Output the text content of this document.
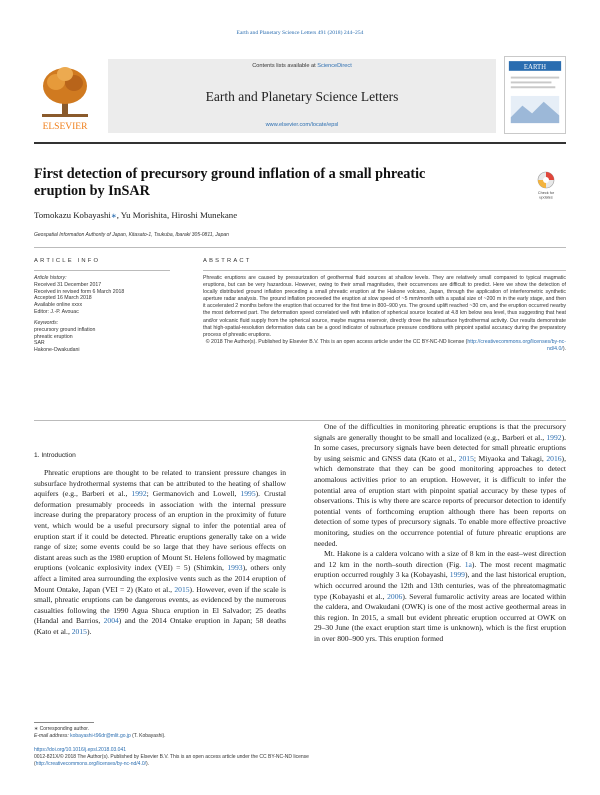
Earth and Planetary Science Letters 491 (2018) 244–254
ELSEVIER
Contents lists available at ScienceDirect
Earth and Planetary Science Letters
www.elsevier.com/locate/epsl
EARTH
First detection of precursory ground inflation of a small phreatic eruption by InSAR	Check for
updates
Tomokazu Kobayashi∗, Yu Morishita, Hiroshi Munekane
Geospatial Information Authority of Japan, Kitasato-1, Tsukuba, Ibaraki 305-0811, Japan
ARTICLE INFO	ABSTRACT
Article history:
Received 31 December 2017
Received in revised form 6 March 2018
Accepted 16 March 2018
Available online xxxx
Editor: J.-P. Avouac
Keywords:
precursory ground inflation
phreatic eruption
SAR
Hakone-Owakudani

Phreatic eruptions are caused by pressurization of geothermal fluid sources at shallow levels. They are relatively small compared to typical magmatic eruptions, but can be very hazardous. However, owing to their small magnitudes, their occurrences are difficult to predict. Here we show the detection of locally distributed ground inflation preceding a small phreatic eruption at the Hakone volcano, Japan, through the application of interferometric synthetic aperture radar analysis. The ground inflation proceeded the eruption at slow speed of ~5 mm/month with a spatial size of ~200 m in the early stage, and then it accelerated 2 months before the eruption that occurred for the first time in 800–900 yrs. The ground uplift reached ~30 cm, and the eruption occurred nearby the most deformed part. The deformation speed correlated well with inflation of spherical source located at 4.8 km below sea level, thus suggesting that heat and/or volcanic fluid supply from the spherical source, maybe magma reservoir, directly drove the subsurface hydrothermal activity. Our results demonstrate that high-spatial-resolution deformation data can be a good indicator of subsurface pressure conditions with pinpoint spatial accuracy during the preparatory process of phreatic eruptions.

© 2018 The Author(s). Published by Elsevier B.V. This is an open access article under the CC BY-NC-ND license (http://creativecommons.org/licenses/by-nc-nd/4.0/).

1. Introduction

Phreatic eruptions are thought to be related to transient pressure changes in subsurface hydrothermal systems that can be attributed to the heating of shallow aquifers (e.g., Barberi et al., 1992; Germanovich and Lowell, 1995). Crustal deformation presumably proceeds in association with the internal pressure increase during the preparatory process of an eruption in the proximity of future vent, which would be a useful precursory signal to infer the potential area of eruption start if it could be detected. Phreatic eruptions generally take on a wide range of size; some events could be so large that they have serious effects on distant areas such as the 1980 eruption of Mount St. Helens followed by magmatic eruptions (volcanic explosivity index (VEI) = 5) (Shimkin, 1993), others only affect a limited area surrounding the explosive vents such as the 2014 eruption of Mount Ontake, Japan (VEI = 2) (Kato et al., 2015). However, even if the scale is small, phreatic eruptions can be dangerous events, as evidenced by the numerous casualties following the 1990 Agua Shuca eruption in El Salvador; 25 deaths (Handal and Barrios, 2004) and the 2014 Ontake eruption in Japan; 58 deaths (Kato et al., 2015).

One of the difficulties in monitoring phreatic eruptions is that the precursory signals are generally thought to be small and localized (e.g., Barberi et al., 1992). In some cases, precursory signals have been detected for small phreatic eruptions by using seismic and GNSS data (Kato et al., 2015; Miyaoka and Takagi, 2016), which demonstrate that they can be good monitoring approaches to detect anomalous activities prior to an eruption. However, it is difficult to infer the potential area of eruption start with pinpoint spatial accuracy by these types of observations. This is why there are scarce reports of precursor detection to identify potential vents of forthcoming eruption although there has been reports on detection of some types of precursory signals. To enable more effective proactive monitoring, studies on the occurrence potential of future phreatic eruptions are needed.

Mt. Hakone is a caldera volcano with a size of 8 km in the east–west direction and 12 km in the north–south direction (Fig. 1a). The most recent magmatic eruption occurred roughly 3 ka (Kobayashi, 1999), and the last historical eruption, which occurred around the 12th and 13th centuries, was of the phreatomagmatic type (Kobayashi et al., 2006). Several fumarolic activity areas are located within the caldera, and Owakudani (OWK) is one of the most active geothermal areas in this region. In 2015, a small but evident phreatic eruption occurred at OWK on 29–30 June (the exact eruption start time is unknown), which is the first eruption in over 800–900 yrs. This eruption formed

∗ Corresponding author.
E-mail address: kobayashi-t96dr@mlit.go.jp (T. Kobayashi).
https://doi.org/10.1016/j.epsl.2018.03.041
0012-821X/© 2018 The Author(s). Published by Elsevier B.V. This is an open access article under the CC BY-NC-ND license
(http://creativecommons.org/licenses/by-nc-nd/4.0/).
